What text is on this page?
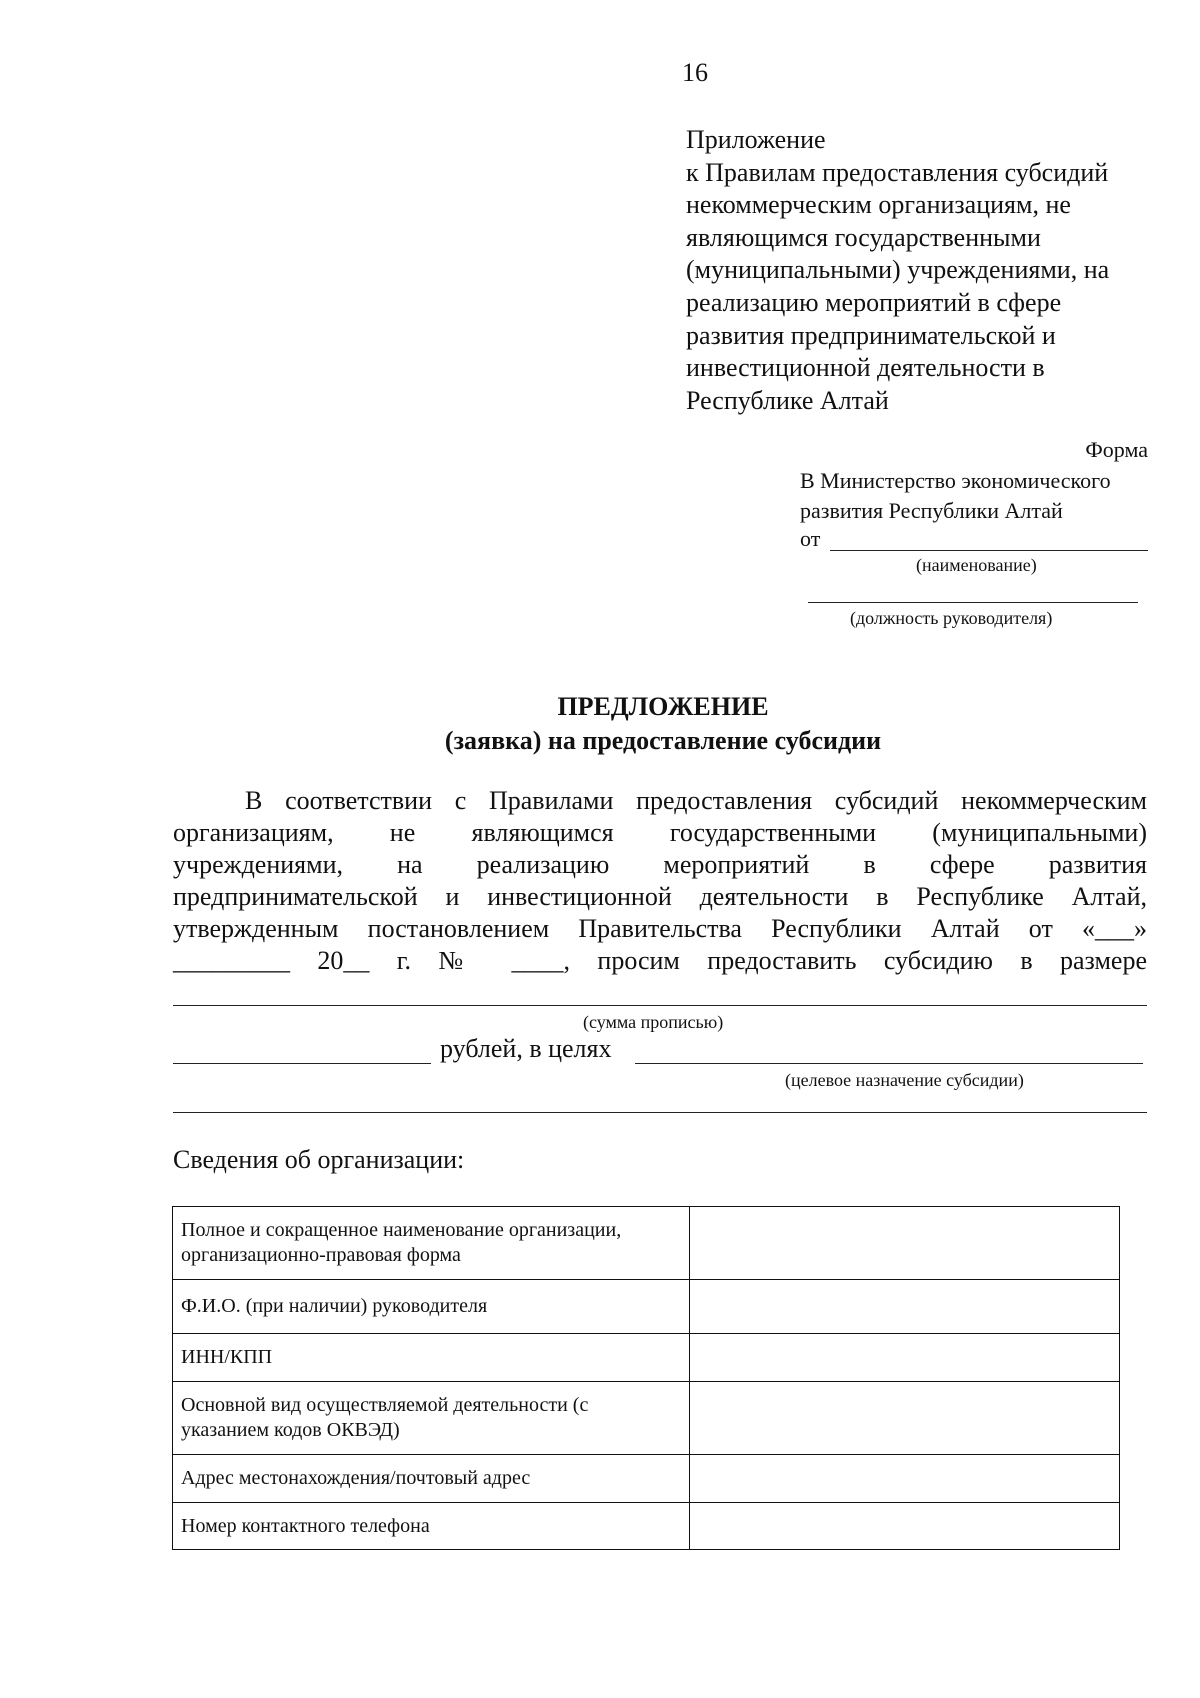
16
Приложение
к Правилам предоставления субсидий
некоммерческим организациям, не
являющимся государственными
(муниципальными) учреждениями, на
реализацию мероприятий в сфере
развития предпринимательской и
инвестиционной деятельности в
Республике Алтай
Форма
В Министерство экономического
развития Республики Алтай
от
(наименование)
(должность руководителя)
ПРЕДЛОЖЕНИЕ
(заявка) на предоставление субсидии
В соответствии с Правилами предоставления субсидий некоммерческим
организациям, не являющимся государственными (муниципальными)
учреждениями, на реализацию мероприятий в сфере развития
предпринимательской и инвестиционной деятельности в Республике Алтай,
утвержденным постановлением Правительства Республики Алтай от «___»
_________ 20__ г. № ____, просим предоставить субсидию в размере
(сумма прописью)
рублей, в целях
(целевое назначение субсидии)
Сведения об организации:
Полное и сокращенное наименование организации, организационно-правовая форма	
Ф.И.О. (при наличии) руководителя	
ИНН/КПП	
Основной вид осуществляемой деятельности (с указанием кодов ОКВЭД)	
Адрес местонахождения/почтовый адрес	
Номер контактного телефона	
